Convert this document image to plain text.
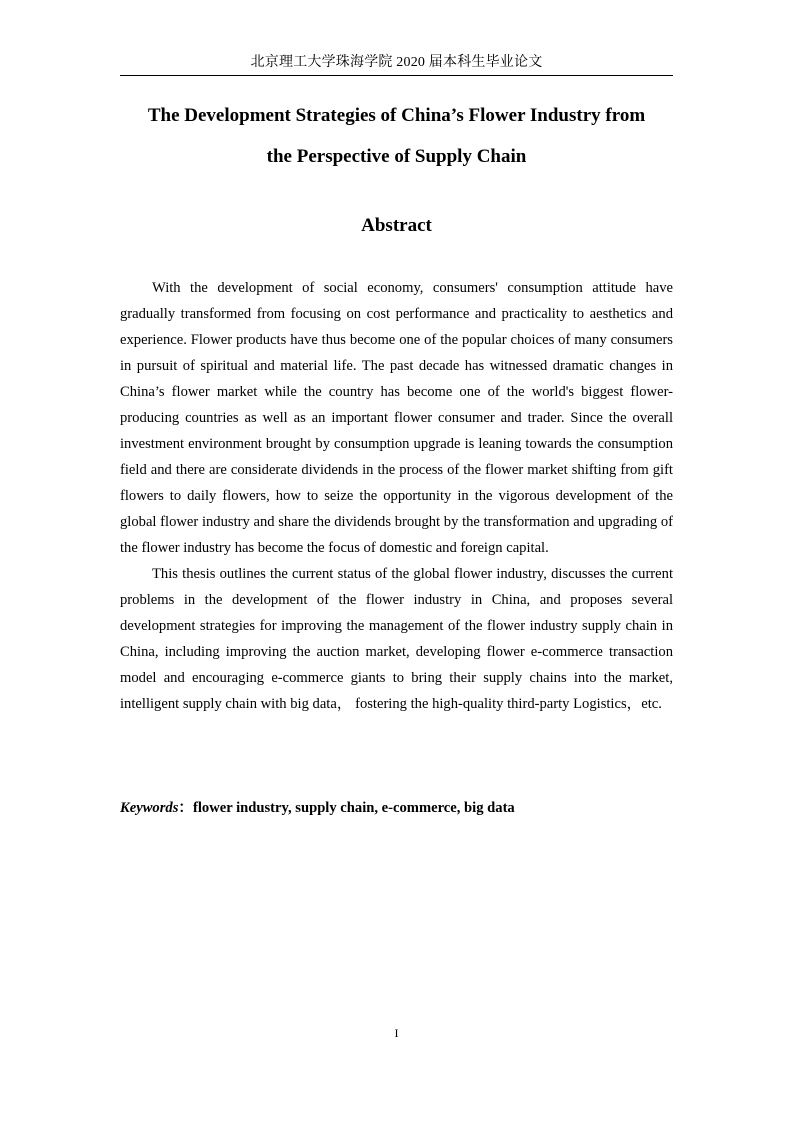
北京理工大学珠海学院 2020 届本科生毕业论文
The Development Strategies of China’s Flower Industry from
the Perspective of Supply Chain
Abstract

With the development of social economy, consumers' consumption attitude have gradually transformed from focusing on cost performance and practicality to aesthetics and experience. Flower products have thus become one of the popular choices of many consumers in pursuit of spiritual and material life. The past decade has witnessed dramatic changes in China’s flower market while the country has become one of the world's biggest flower-producing countries as well as an important flower consumer and trader. Since the overall investment environment brought by consumption upgrade is leaning towards the consumption field and there are considerate dividends in the process of the flower market shifting from gift flowers to daily flowers, how to seize the opportunity in the vigorous development of the global flower industry and share the dividends brought by the transformation and upgrading of the flower industry has become the focus of domestic and foreign capital.

This thesis outlines the current status of the global flower industry, discusses the current problems in the development of the flower industry in China, and proposes several development strategies for improving the management of the flower industry supply chain in China, including improving the auction market, developing flower e-commerce transaction model and encouraging e-commerce giants to bring their supply chains into the market, intelligent supply chain with big data， fostering the high-quality third-party Logistics，etc.

Keywords：flower industry, supply chain, e-commerce, big data
I
